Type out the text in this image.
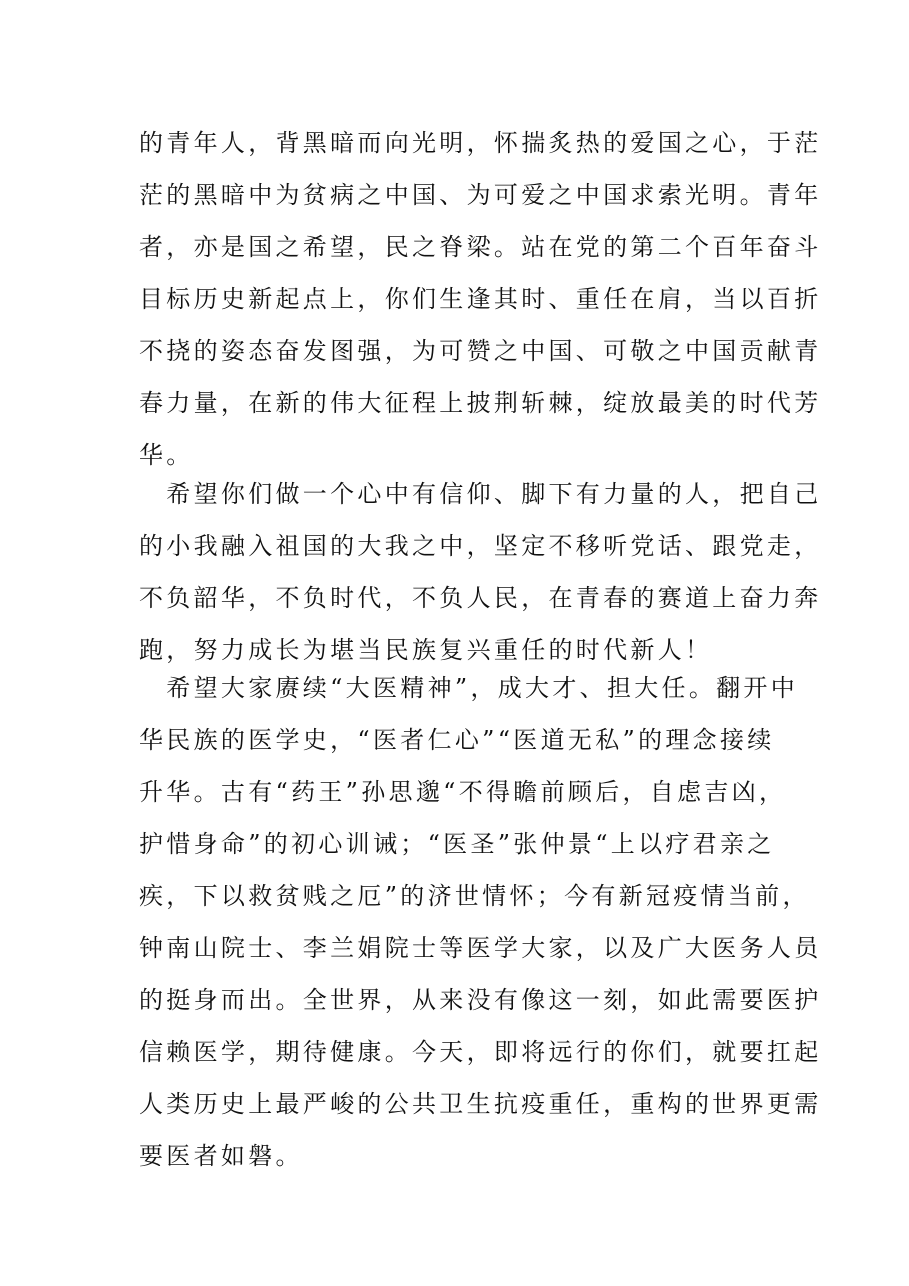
的青年人，背黑暗而向光明，怀揣炙热的爱国之心，于茫
茫的黑暗中为贫病之中国、为可爱之中国求索光明。青年
者，亦是国之希望，民之脊梁。站在党的第二个百年奋斗
目标历史新起点上，你们生逢其时、重任在肩，当以百折
不挠的姿态奋发图强，为可赞之中国、可敬之中国贡献青
春力量，在新的伟大征程上披荆斩棘，绽放最美的时代芳
华。
　希望你们做一个心中有信仰、脚下有力量的人，把自己
的小我融入祖国的大我之中，坚定不移听党话、跟党走，
不负韶华，不负时代，不负人民，在青春的赛道上奋力奔
跑，努力成长为堪当民族复兴重任的时代新人！
　希望大家赓续“大医精神”，成大才、担大任。翻开中
华民族的医学史，“医者仁心”“医道无私”的理念接续
升华。古有“药王”孙思邈“不得瞻前顾后，自虑吉凶，
护惜身命”的初心训诫；“医圣”张仲景“上以疗君亲之
疾，下以救贫贱之厄”的济世情怀；今有新冠疫情当前，
钟南山院士、李兰娟院士等医学大家，以及广大医务人员
的挺身而出。全世界，从来没有像这一刻，如此需要医护
信赖医学，期待健康。今天，即将远行的你们，就要扛起
人类历史上最严峻的公共卫生抗疫重任，重构的世界更需
要医者如磐。
